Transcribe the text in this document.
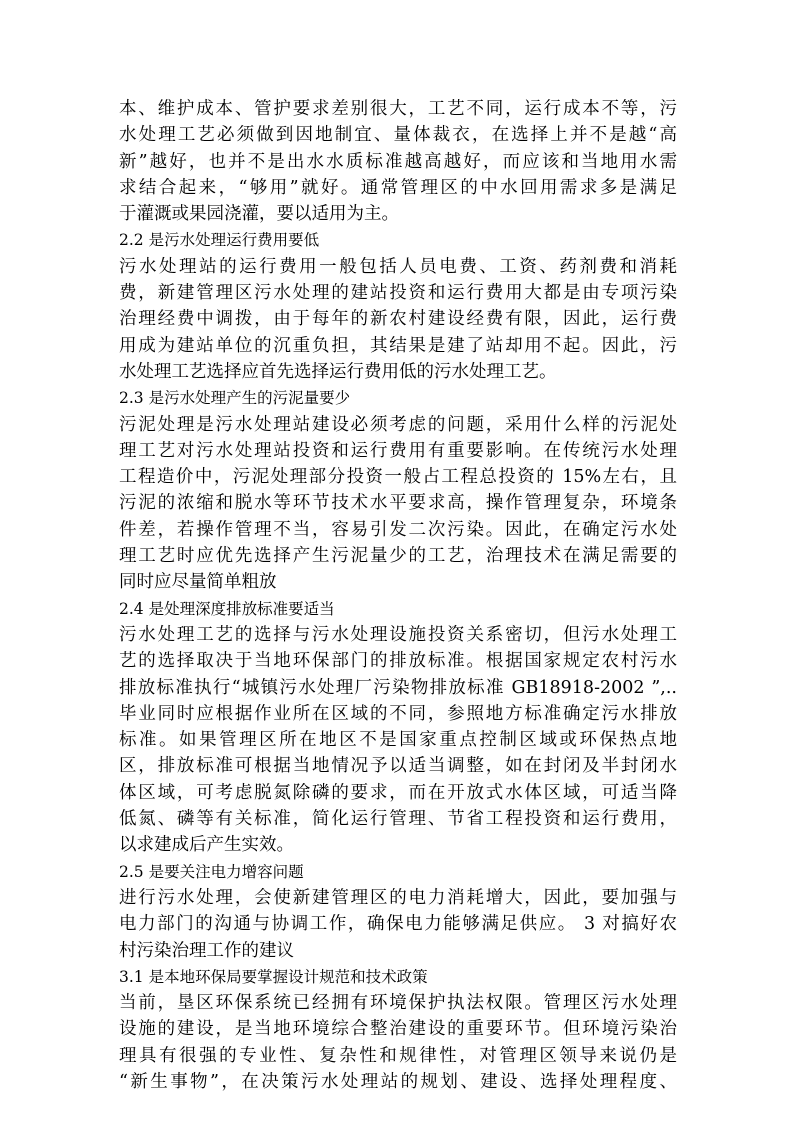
本、维护成本、管护要求差别很大，工艺不同，运行成本不等，污
水处理工艺必须做到因地制宜、量体裁衣，在选择上并不是越“高
新”越好，也并不是出水水质标准越高越好，而应该和当地用水需
求结合起来，“够用”就好。通常管理区的中水回用需求多是满足
于灌溉或果园浇灌，要以适用为主。
2.2 是污水处理运行费用要低
污水处理站的运行费用一般包括人员电费、工资、药剂费和消耗
费，新建管理区污水处理的建站投资和运行费用大都是由专项污染
治理经费中调拨，由于每年的新农村建设经费有限，因此，运行费
用成为建站单位的沉重负担，其结果是建了站却用不起。因此，污
水处理工艺选择应首先选择运行费用低的污水处理工艺。
2.3 是污水处理产生的污泥量要少
污泥处理是污水处理站建设必须考虑的问题，采用什么样的污泥处
理工艺对污水处理站投资和运行费用有重要影响。在传统污水处理
工程造价中，污泥处理部分投资一般占工程总投资的 15%左右，且
污泥的浓缩和脱水等环节技术水平要求高，操作管理复杂，环境条
件差，若操作管理不当，容易引发二次污染。因此，在确定污水处
理工艺时应优先选择产生污泥量少的工艺，治理技术在满足需要的
同时应尽量简单粗放
2.4 是处理深度排放标准要适当
污水处理工艺的选择与污水处理设施投资关系密切，但污水处理工
艺的选择取决于当地环保部门的排放标准。根据国家规定农村污水
排放标准执行“城镇污水处理厂污染物排放标准 GB18918-2002 ”,..
毕业同时应根据作业所在区域的不同，参照地方标准确定污水排放
标准。如果管理区所在地区不是国家重点控制区域或环保热点地
区，排放标准可根据当地情况予以适当调整，如在封闭及半封闭水
体区域，可考虑脱氮除磷的要求，而在开放式水体区域，可适当降
低氮、磷等有关标准，简化运行管理、节省工程投资和运行费用，
以求建成后产生实效。
2.5 是要关注电力增容问题
进行污水处理，会使新建管理区的电力消耗增大，因此，要加强与
电力部门的沟通与协调工作，确保电力能够满足供应。 3 对搞好农
村污染治理工作的建议
3.1 是本地环保局要掌握设计规范和技术政策
当前，垦区环保系统已经拥有环境保护执法权限。管理区污水处理
设施的建设，是当地环境综合整治建设的重要环节。但环境污染治
理具有很强的专业性、复杂性和规律性，对管理区领导来说仍是
“新生事物”，在决策污水处理站的规划、建设、选择处理程度、
